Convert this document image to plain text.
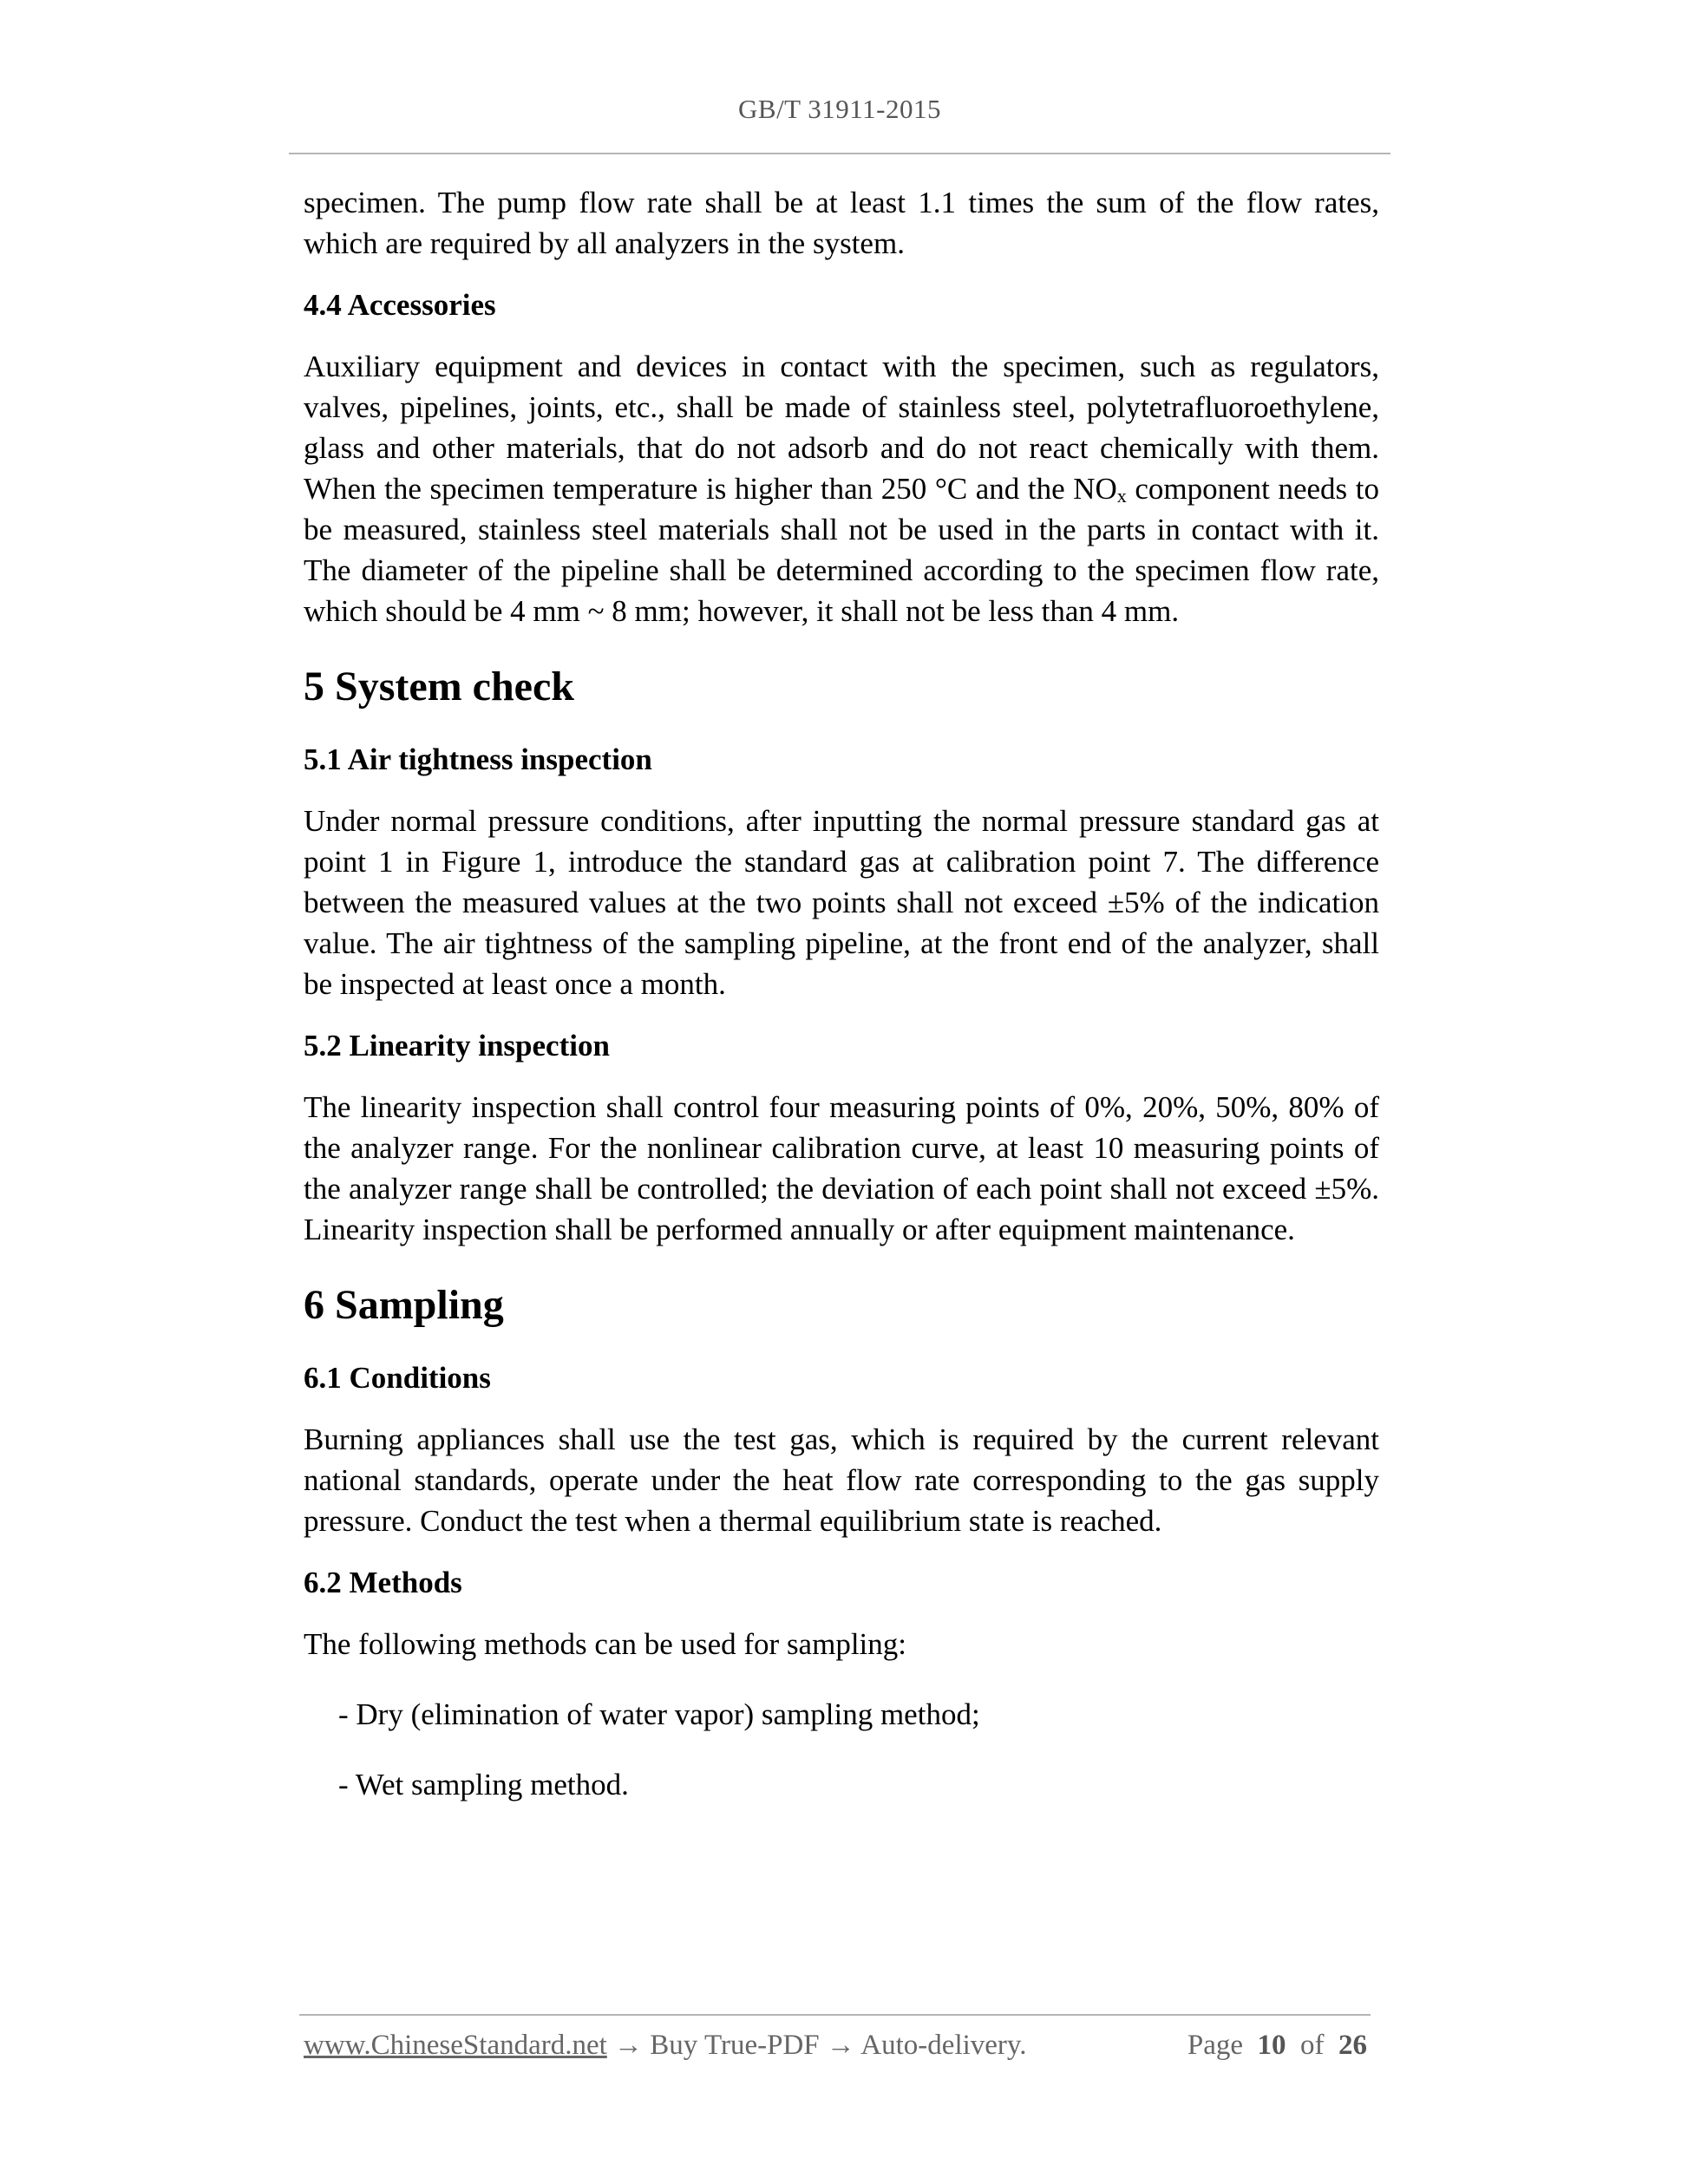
GB/T 31911-2015

specimen. The pump flow rate shall be at least 1.1 times the sum of the flow rates, which are required by all analyzers in the system.

4.4 Accessories

Auxiliary equipment and devices in contact with the specimen, such as regulators, valves, pipelines, joints, etc., shall be made of stainless steel, polytetrafluoroethylene, glass and other materials, that do not adsorb and do not react chemically with them. When the specimen temperature is higher than 250 °C and the $NO_x$ component needs to be measured, stainless steel materials shall not be used in the parts in contact with it. The diameter of the pipeline shall be determined according to the specimen flow rate, which should be 4 mm ~ 8 mm; however, it shall not be less than 4 mm.

5 System check
5.1 Air tightness inspection

Under normal pressure conditions, after inputting the normal pressure standard gas at point 1 in Figure 1, introduce the standard gas at calibration point 7. The difference between the measured values at the two points shall not exceed ±5% of the indication value. The air tightness of the sampling pipeline, at the front end of the analyzer, shall be inspected at least once a month.

5.2 Linearity inspection

The linearity inspection shall control four measuring points of 0%, 20%, 50%, 80% of the analyzer range. For the nonlinear calibration curve, at least 10 measuring points of the analyzer range shall be controlled; the deviation of each point shall not exceed ±5%. Linearity inspection shall be performed annually or after equipment maintenance.

6 Sampling
6.1 Conditions

Burning appliances shall use the test gas, which is required by the current relevant national standards, operate under the heat flow rate corresponding to the gas supply pressure. Conduct the test when a thermal equilibrium state is reached.

6.2 Methods

The following methods can be used for sampling:

- Dry (elimination of water vapor) sampling method;
- Wet sampling method.
www.ChineseStandard.net → Buy True-PDF → Auto-delivery.	Page 10 of 26
